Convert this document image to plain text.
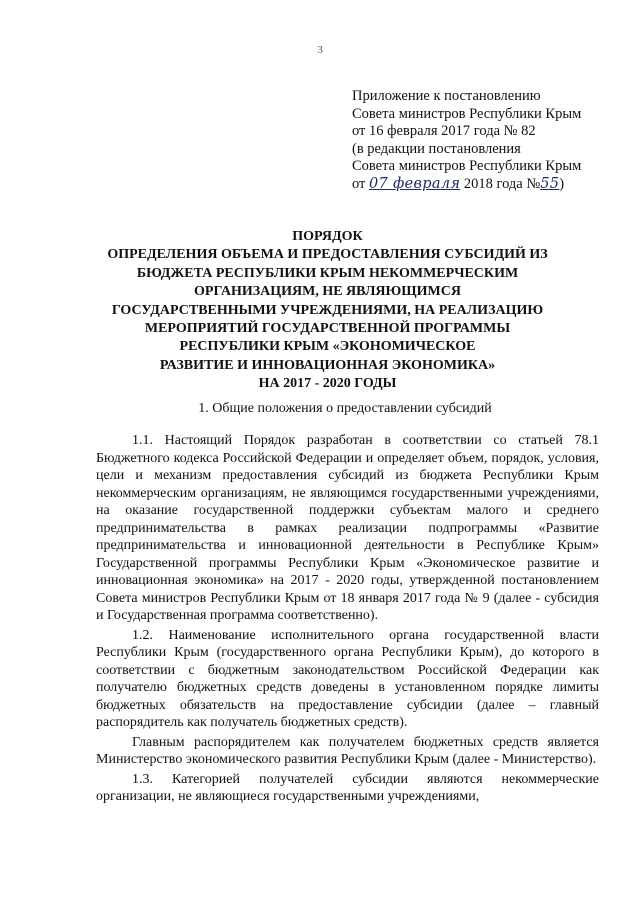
3
Приложение к постановлению
Совета министров Республики Крым
от 16 февраля 2017 года № 82
(в редакции постановления
Совета министров Республики Крым
от 07 февраля 2018 года №55)
ПОРЯДОК
ОПРЕДЕЛЕНИЯ ОБЪЕМА И ПРЕДОСТАВЛЕНИЯ СУБСИДИЙ ИЗ
БЮДЖЕТА РЕСПУБЛИКИ КРЫМ НЕКОММЕРЧЕСКИМ
ОРГАНИЗАЦИЯМ, НЕ ЯВЛЯЮЩИМСЯ
ГОСУДАРСТВЕННЫМИ УЧРЕЖДЕНИЯМИ, НА РЕАЛИЗАЦИЮ
МЕРОПРИЯТИЙ ГОСУДАРСТВЕННОЙ ПРОГРАММЫ
РЕСПУБЛИКИ КРЫМ «ЭКОНОМИЧЕСКОЕ
РАЗВИТИЕ И ИННОВАЦИОННАЯ ЭКОНОМИКА»
НА 2017 - 2020 ГОДЫ
1. Общие положения о предоставлении субсидий

1.1. Настоящий Порядок разработан в соответствии со статьей 78.1 Бюджетного кодекса Российской Федерации и определяет объем, порядок, условия, цели и механизм предоставления субсидий из бюджета Республики Крым некоммерческим организациям, не являющимся государственными учреждениями, на оказание государственной поддержки субъектам малого и среднего предпринимательства в рамках реализации подпрограммы «Развитие предпринимательства и инновационной деятельности в Республике Крым» Государственной программы Республики Крым «Экономическое развитие и инновационная экономика» на 2017 - 2020 годы, утвержденной постановлением Совета министров Республики Крым от 18 января 2017 года № 9 (далее - субсидия и Государственная программа соответственно).

1.2. Наименование исполнительного органа государственной власти Республики Крым (государственного органа Республики Крым), до которого в соответствии с бюджетным законодательством Российской Федерации как получателю бюджетных средств доведены в установленном порядке лимиты бюджетных обязательств на предоставление субсидии (далее – главный распорядитель как получатель бюджетных средств).

Главным распорядителем как получателем бюджетных средств является Министерство экономического развития Республики Крым (далее - Министерство).

1.3. Категорией получателей субсидии являются некоммерческие организации, не являющиеся государственными учреждениями,
